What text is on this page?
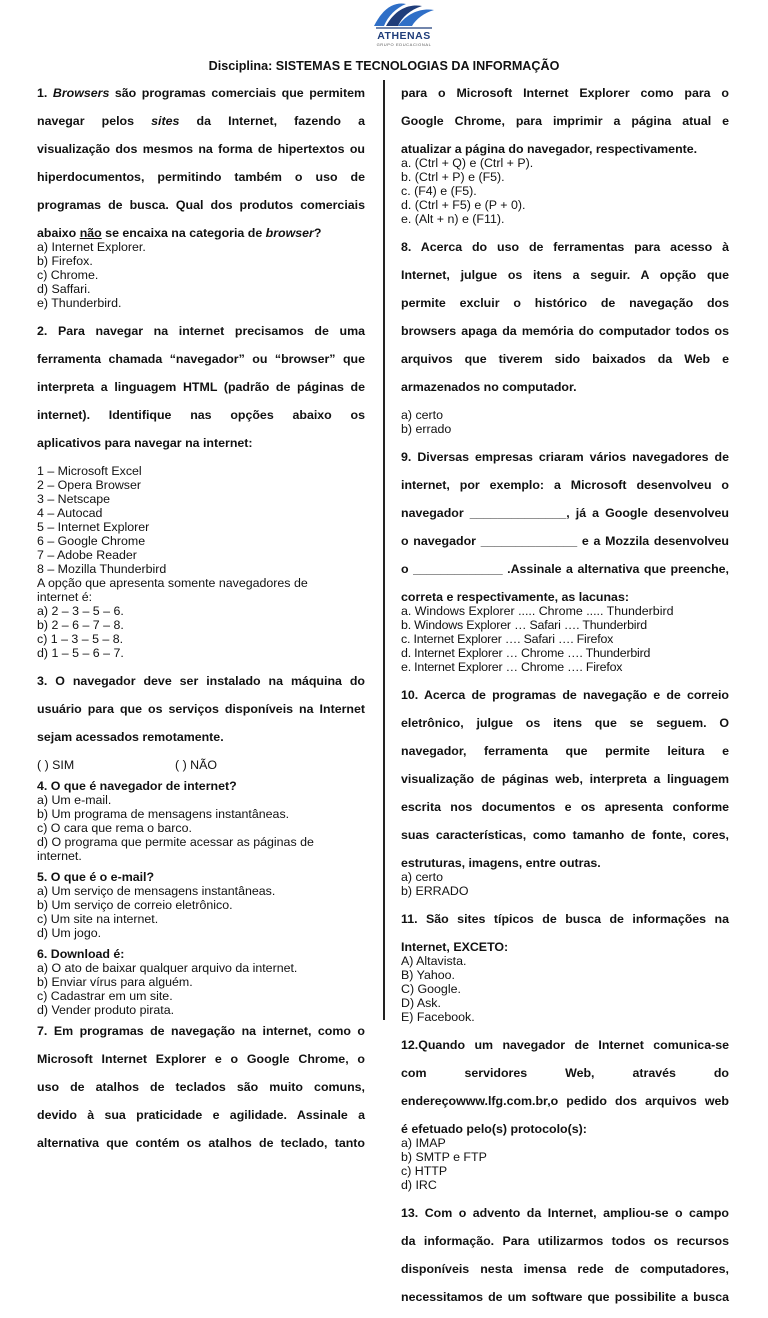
ATHENAS
GRUPO EDUCACIONAL
Disciplina: SISTEMAS E TECNOLOGIAS DA INFORMAÇÃO
1. Browsers são programas comerciais que permitem
navegar pelos sites da Internet, fazendo a
visualização dos mesmos na forma de hipertextos ou
hiperdocumentos, permitindo também o uso de
programas de busca. Qual dos produtos comerciais
abaixo não se encaixa na categoria de browser?
a) Internet Explorer.
b) Firefox.
c) Chrome.
d) Saffari.
e) Thunderbird.
2. Para navegar na internet precisamos de uma
ferramenta chamada “navegador” ou “browser” que
interpreta a linguagem HTML (padrão de páginas de
internet). Identifique nas opções abaixo os
aplicativos para navegar na internet:
1 – Microsoft Excel
2 – Opera Browser
3 – Netscape
4 – Autocad
5 – Internet Explorer
6 – Google Chrome
7 – Adobe Reader
8 – Mozilla Thunderbird
A opção que apresenta somente navegadores de
internet é:
a) 2 – 3 – 5 – 6.
b) 2 – 6 – 7 – 8.
c) 1 – 3 – 5 – 8.
d) 1 – 5 – 6 – 7.
3. O navegador deve ser instalado na máquina do
usuário para que os serviços disponíveis na Internet
sejam acessados remotamente.
( ) SIM	( ) NÃO
4. O que é navegador de internet?
a) Um e-mail.
b) Um programa de mensagens instantâneas.
c) O cara que rema o barco.
d) O programa que permite acessar as páginas de
internet.
5. O que é o e-mail?
a) Um serviço de mensagens instantâneas.
b) Um serviço de correio eletrônico.
c) Um site na internet.
d) Um jogo.
6. Download é:
a) O ato de baixar qualquer arquivo da internet.
b) Enviar vírus para alguém.
c) Cadastrar em um site.
d) Vender produto pirata.
7. Em programas de navegação na internet, como o
Microsoft Internet Explorer e o Google Chrome, o
uso de atalhos de teclados são muito comuns,
devido à sua praticidade e agilidade. Assinale a
alternativa que contém os atalhos de teclado, tanto
para o Microsoft Internet Explorer como para o
Google Chrome, para imprimir a página atual e
atualizar a página do navegador, respectivamente.
a. (Ctrl + Q) e (Ctrl + P).
b. (Ctrl + P) e (F5).
c. (F4) e (F5).
d. (Ctrl + F5) e (P + 0).
e. (Alt + n) e (F11).
8. Acerca do uso de ferramentas para acesso à
Internet, julgue os itens a seguir. A opção que
permite excluir o histórico de navegação dos
browsers apaga da memória do computador todos os
arquivos que tiverem sido baixados da Web e
armazenados no computador.
a) certo
b) errado
9. Diversas empresas criaram vários navegadores de
internet, por exemplo: a Microsoft desenvolveu o
navegador ______________, já a Google desenvolveu
o navegador ______________ e a Mozzila desenvolveu
o _____________ .Assinale a alternativa que preenche,
correta e respectivamente, as lacunas:
a. Windows Explorer ..... Chrome ..... Thunderbird
b. Windows Explorer … Safari …. Thunderbird
c. Internet Explorer …. Safari …. Firefox
d. Internet Explorer … Chrome …. Thunderbird
e. Internet Explorer … Chrome …. Firefox
10. Acerca de programas de navegação e de correio
eletrônico, julgue os itens que se seguem. O
navegador, ferramenta que permite leitura e
visualização de páginas web, interpreta a linguagem
escrita nos documentos e os apresenta conforme
suas características, como tamanho de fonte, cores,
estruturas, imagens, entre outras.
a) certo
b) ERRADO
11. São sites típicos de busca de informações na
Internet, EXCETO:
A) Altavista.
B) Yahoo.
C) Google.
D) Ask.
E) Facebook.
12.Quando um navegador de Internet comunica-se
com servidores Web, através do
endereçowww.lfg.com.br,o pedido dos arquivos web
é efetuado pelo(s) protocolo(s):
a) IMAP
b) SMTP e FTP
c) HTTP
d) IRC
13. Com o advento da Internet, ampliou-se o campo
da informação. Para utilizarmos todos os recursos
disponíveis nesta imensa rede de computadores,
necessitamos de um software que possibilite a busca
